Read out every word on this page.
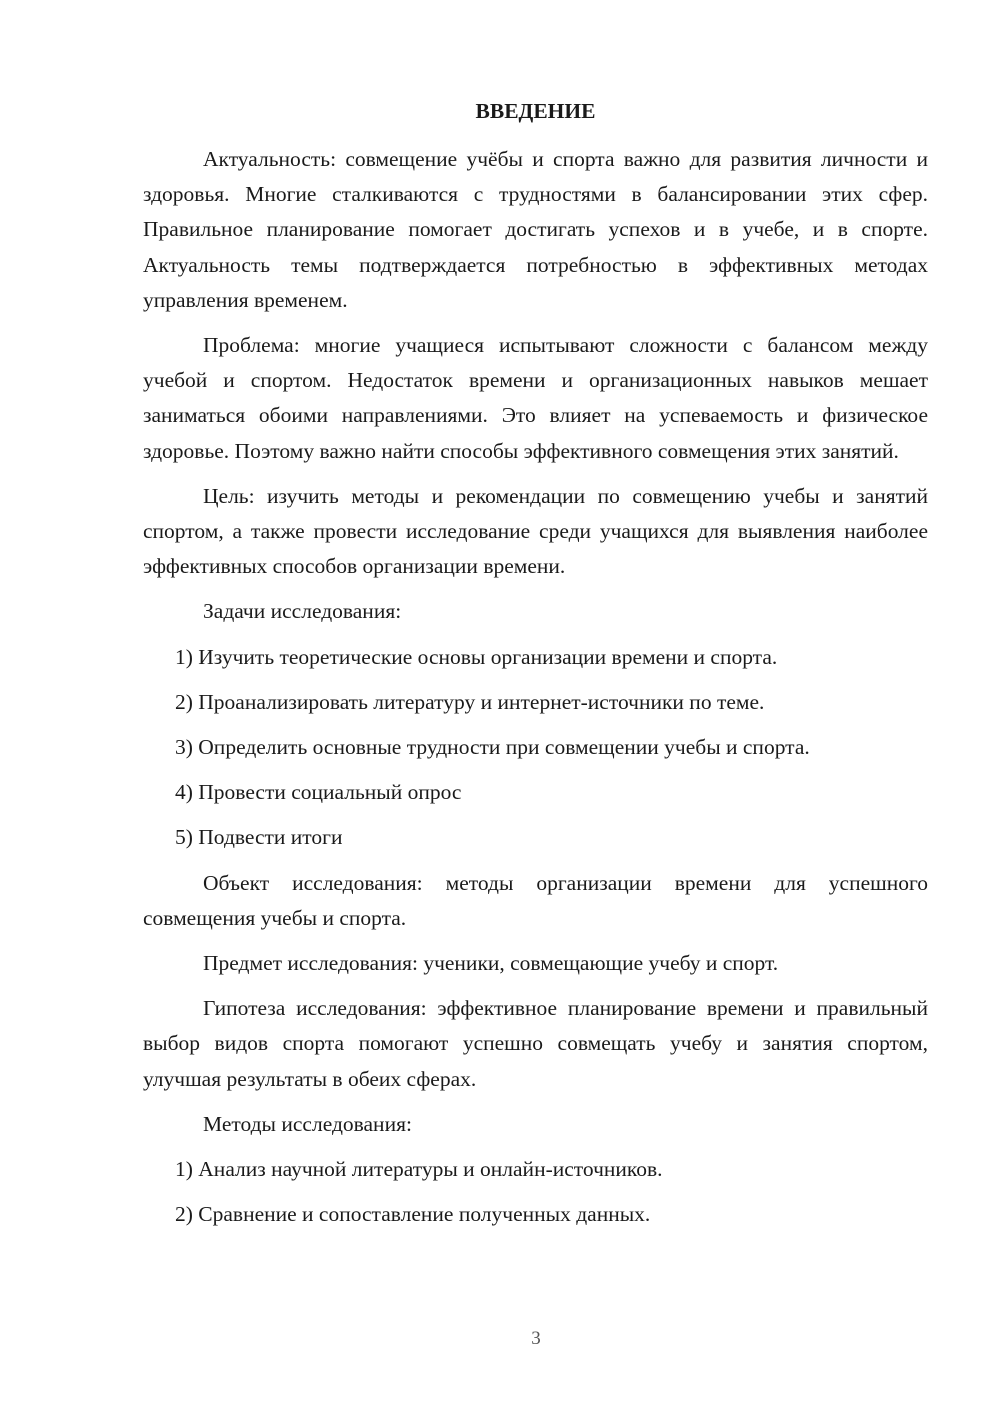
ВВЕДЕНИЕ

Актуальность: совмещение учёбы и спорта важно для развития личности и здоровья. Многие сталкиваются с трудностями в балансировании этих сфер. Правильное планирование помогает достигать успехов и в учебе, и в спорте. Актуальность темы подтверждается потребностью в эффективных методах управления временем.

Проблема: многие учащиеся испытывают сложности с балансом между учебой и спортом. Недостаток времени и организационных навыков мешает заниматься обоими направлениями. Это влияет на успеваемость и физическое здоровье. Поэтому важно найти способы эффективного совмещения этих занятий.

Цель: изучить методы и рекомендации по совмещению учебы и занятий спортом, а также провести исследование среди учащихся для выявления наиболее эффективных способов организации времени.

Задачи исследования:

1) Изучить теоретические основы организации времени и спорта.

2) Проанализировать литературу и интернет-источники по теме.

3) Определить основные трудности при совмещении учебы и спорта.

4) Провести социальный опрос

5) Подвести итоги

Объект исследования: методы организации времени для успешного совмещения учебы и спорта.

Предмет исследования: ученики, совмещающие учебу и спорт.

Гипотеза исследования: эффективное планирование времени и правильный выбор видов спорта помогают успешно совмещать учебу и занятия спортом, улучшая результаты в обеих сферах.

Методы исследования:

1) Анализ научной литературы и онлайн-источников.

2) Сравнение и сопоставление полученных данных.

3
